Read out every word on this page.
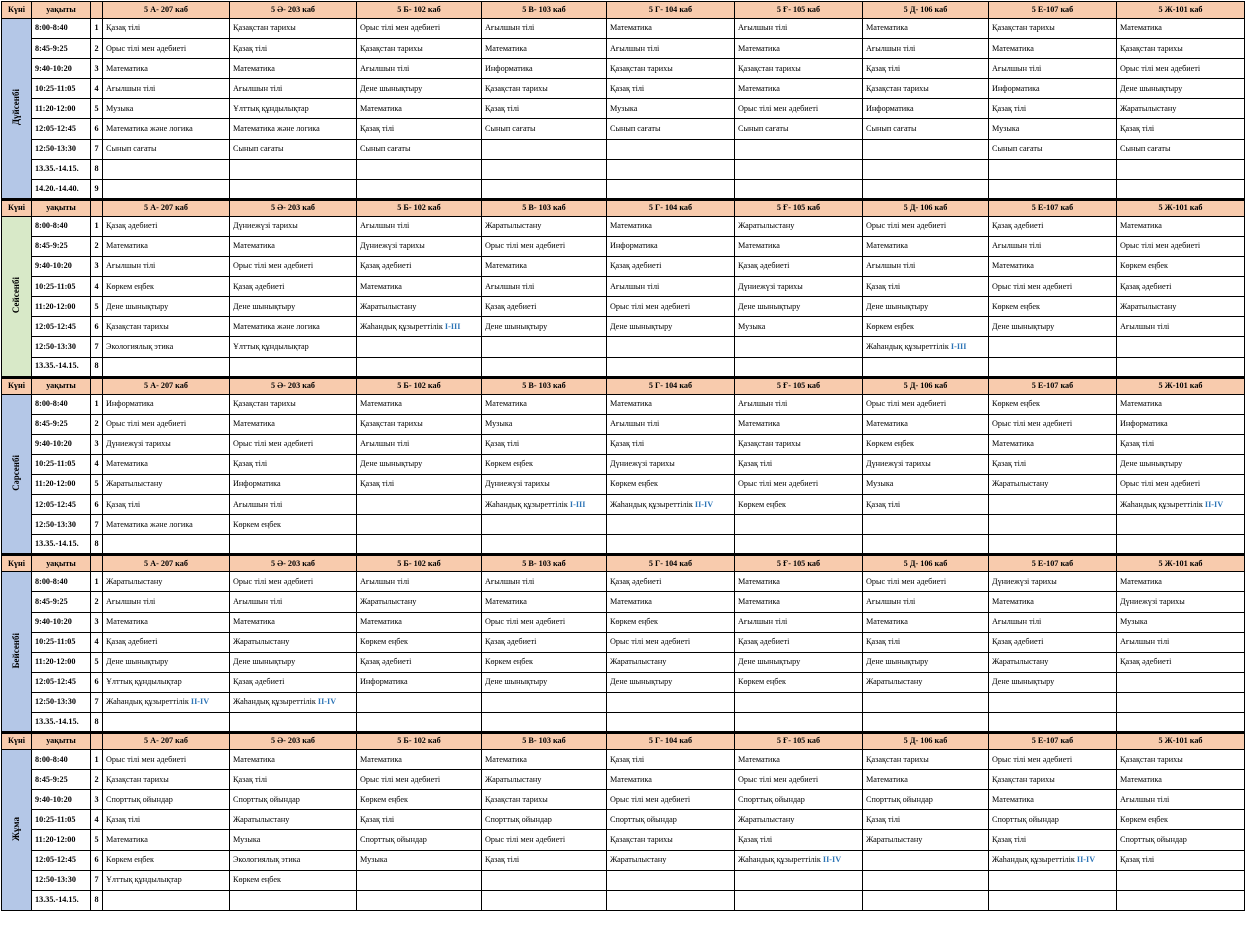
Күні	уақыты		5 А- 207 каб	5 Ә- 203 каб	5 Б- 102 каб	5 В- 103 каб	5 Г- 104 каб	5 Ғ- 105 каб	5 Д- 106 каб	5 Е-107 каб	5 Ж-101 каб
Дүйсенбі	8:00-8:40	1	Қазақ тілі	Қазақстан тарихы	Орыс тілі мен әдебиеті	Ағылшын тілі	Математика	Ағылшын тілі	Математика	Қазақстан тарихы	Математика
	8:45-9:25	2	Орыс тілі мен әдебиеті	Қазақ тілі	Қазақстан тарихы	Математика	Ағылшын тілі	Математика	Ағылшын тілі	Математика	Қазақстан тарихы
	9:40-10:20	3	Математика	Математика	Ағылшын тілі	Информатика	Қазақстан тарихы	Қазақстан тарихы	Қазақ тілі	Ағылшын тілі	Орыс тілі мен әдебиеті
	10:25-11:05	4	Ағылшын тілі	Ағылшын тілі	Дене шынықтыру	Қазақстан тарихы	Қазақ тілі	Математика	Қазақстан тарихы	Информатика	Дене шынықтыру
	11:20-12:00	5	Музыка	Ұлттық құндылықтар	Математика	Қазақ тілі	Музыка	Орыс тілі мен әдебиеті	Информатика	Қазақ тілі	Жаратылыстану
	12:05-12:45	6	Математика және логика	Математика және логика	Қазақ тілі	Сынып сағаты	Сынып сағаты	Сынып сағаты	Сынып сағаты	Музыка	Қазақ тілі
	12:50-13:30	7	Сынып сағаты	Сынып сағаты	Сынып сағаты					Сынып сағаты	Сынып сағаты
	13.35.-14.15.	8									
	14.20.-14.40.	9									
Күні	уақыты		5 А- 207 каб	5 Ә- 203 каб	5 Б- 102 каб	5 В- 103 каб	5 Г- 104 каб	5 Ғ- 105 каб	5 Д- 106 каб	5 Е-107 каб	5 Ж-101 каб
Сейсенбі	8:00-8:40	1	Қазақ әдебиеті	Дүниежүзі тарихы	Ағылшын тілі	Жаратылыстану	Математика	Жаратылыстану	Орыс тілі мен әдебиеті	Қазақ әдебиеті	Математика
	8:45-9:25	2	Математика	Математика	Дүниежүзі тарихы	Орыс тілі мен әдебиеті	Информатика	Математика	Математика	Ағылшын тілі	Орыс тілі мен әдебиеті
	9:40-10:20	3	Ағылшын тілі	Орыс тілі мен әдебиеті	Қазақ әдебиеті	Математика	Қазақ әдебиеті	Қазақ әдебиеті	Ағылшын тілі	Математика	Көркем еңбек
	10:25-11:05	4	Көркем еңбек	Қазақ әдебиеті	Математика	Ағылшын тілі	Ағылшын тілі	Дүниежүзі тарихы	Қазақ тілі	Орыс тілі мен әдебиеті	Қазақ әдебиеті
	11:20-12:00	5	Дене шынықтыру	Дене шынықтыру	Жаратылыстану	Қазақ әдебиеті	Орыс тілі мен әдебиеті	Дене шынықтыру	Дене шынықтыру	Көркем еңбек	Жаратылыстану
	12:05-12:45	6	Қазақстан тарихы	Математика және логика	Жаһандық құзыреттілік І-ІІІ	Дене шынықтыру	Дене шынықтыру	Музыка	Көркем еңбек	Дене шынықтыру	Ағылшын тілі
	12:50-13:30	7	Экологиялық этика	Ұлттық құндылықтар					Жаһандық құзыреттілік І-ІІІ		
	13.35.-14.15.	8									
Күні	уақыты		5 А- 207 каб	5 Ә- 203 каб	5 Б- 102 каб	5 В- 103 каб	5 Г- 104 каб	5 Ғ- 105 каб	5 Д- 106 каб	5 Е-107 каб	5 Ж-101 каб
Сәрсенбі	8:00-8:40	1	Информатика	Қазақстан тарихы	Математика	Математика	Математика	Ағылшын тілі	Орыс тілі мен әдебиеті	Көркем еңбек	Математика
	8:45-9:25	2	Орыс тілі мен әдебиеті	Математика	Қазақстан тарихы	Музыка	Ағылшын тілі	Математика	Математика	Орыс тілі мен әдебиеті	Информатика
	9:40-10:20	3	Дүниежүзі тарихы	Орыс тілі мен әдебиеті	Ағылшын тілі	Қазақ тілі	Қазақ тілі	Қазақстан тарихы	Көркем еңбек	Математика	Қазақ тілі
	10:25-11:05	4	Математика	Қазақ тілі	Дене шынықтыру	Көркем еңбек	Дүниежүзі тарихы	Қазақ тілі	Дүниежүзі тарихы	Қазақ тілі	Дене шынықтыру
	11:20-12:00	5	Жаратылыстану	Информатика	Қазақ тілі	Дүниежүзі тарихы	Көркем еңбек	Орыс тілі мен әдебиеті	Музыка	Жаратылыстану	Орыс тілі мен әдебиеті
	12:05-12:45	6	Қазақ тілі	Ағылшын тілі		Жаһандық құзыреттілік І-ІІІ	Жаһандық құзыреттілік ІІ-ІV	Көркем еңбек	Қазақ тілі		Жаһандық құзыреттілік ІІ-ІV
	12:50-13:30	7	Математика және логика	Көркем еңбек							
	13.35.-14.15.	8									
Күні	уақыты		5 А- 207 каб	5 Ә- 203 каб	5 Б- 102 каб	5 В- 103 каб	5 Г- 104 каб	5 Ғ- 105 каб	5 Д- 106 каб	5 Е-107 каб	5 Ж-101 каб
Бейсенбі	8:00-8:40	1	Жаратылыстану	Орыс тілі мен әдебиеті	Ағылшын тілі	Ағылшын тілі	Қазақ әдебиеті	Математика	Орыс тілі мен әдебиеті	Дүниежүзі тарихы	Математика
	8:45-9:25	2	Ағылшын тілі	Ағылшын тілі	Жаратылыстану	Математика	Математика	Математика	Ағылшын тілі	Математика	Дүниежүзі тарихы
	9:40-10:20	3	Математика	Математика	Математика	Орыс тілі мен әдебиеті	Көркем еңбек	Ағылшын тілі	Математика	Ағылшын тілі	Музыка
	10:25-11:05	4	Қазақ әдебиеті	Жаратылыстану	Көркем еңбек	Қазақ әдебиеті	Орыс тілі мен әдебиеті	Қазақ әдебиеті	Қазақ тілі	Қазақ әдебиеті	Ағылшын тілі
	11:20-12:00	5	Дене шынықтыру	Дене шынықтыру	Қазақ әдебиеті	Көркем еңбек	Жаратылыстану	Дене шынықтыру	Дене шынықтыру	Жаратылыстану	Қазақ әдебиеті
	12:05-12:45	6	Ұлттық құндылықтар	Қазақ әдебиеті	Информатика	Дене шынықтыру	Дене шынықтыру	Көркем еңбек	Жаратылыстану	Дене шынықтыру	
	12:50-13:30	7	Жаһандық құзыреттілік ІІ-ІV	Жаһандық құзыреттілік ІІ-ІV							
	13.35.-14.15.	8									
Күні	уақыты		5 А- 207 каб	5 Ә- 203 каб	5 Б- 102 каб	5 В- 103 каб	5 Г- 104 каб	5 Ғ- 105 каб	5 Д- 106 каб	5 Е-107 каб	5 Ж-101 каб
Жұма	8:00-8:40	1	Орыс тілі мен әдебиеті	Математика	Математика	Математика	Қазақ тілі	Математика	Қазақстан тарихы	Орыс тілі мен әдебиеті	Қазақстан тарихы
	8:45-9:25	2	Қазақстан тарихы	Қазақ тілі	Орыс тілі мен әдебиеті	Жаратылыстану	Математика	Орыс тілі мен әдебиеті	Математика	Қазақстан тарихы	Математика
	9:40-10:20	3	Спорттық ойындар	Спорттық ойындар	Көркем еңбек	Қазақстан тарихы	Орыс тілі мен әдебиеті	Спорттық ойындар	Спорттық ойындар	Математика	Ағылшын тілі
	10:25-11:05	4	Қазақ тілі	Жаратылыстану	Қазақ тілі	Спорттық ойындар	Спорттық ойындар	Жаратылыстану	Қазақ тілі	Спорттық ойындар	Көркем еңбек
	11:20-12:00	5	Математика	Музыка	Спорттық ойындар	Орыс тілі мен әдебиеті	Қазақстан тарихы	Қазақ тілі	Жаратылыстану	Қазақ тілі	Спорттық ойындар
	12:05-12:45	6	Көркем еңбек	Экологиялық этика	Музыка	Қазақ тілі	Жаратылыстану	Жаһандық құзыреттілік ІІ-ІV		Жаһандық құзыреттілік ІІ-ІV	Қазақ тілі
	12:50-13:30	7	Ұлттық құндылықтар	Көркем еңбек							
	13.35.-14.15.	8									
